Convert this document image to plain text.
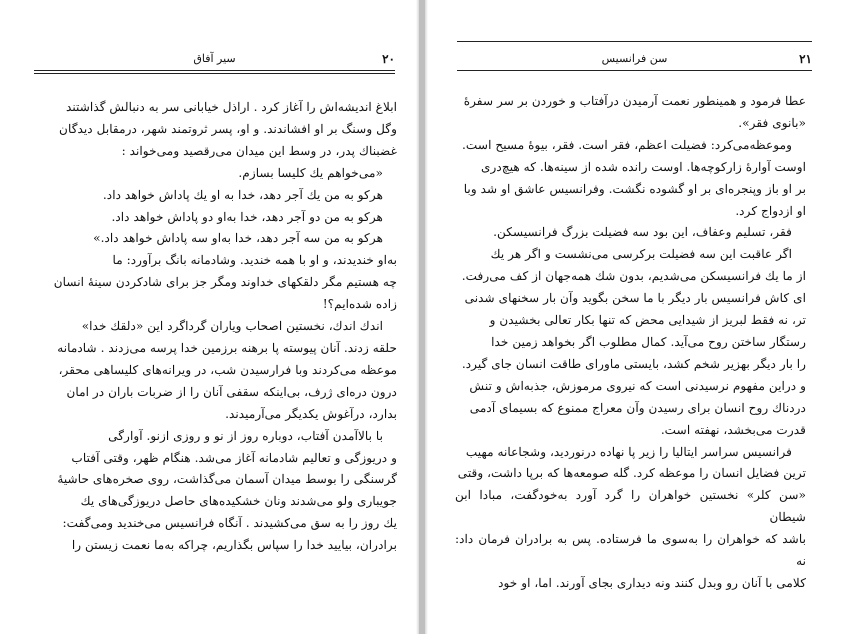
۲۰
سیر آفاق

ابلاغ اندیشه‌اش را آغاز کرد . اراذل خیابانی سر به دنبالش گذاشتند

وگل وسنگ بر او افشاندند. و او، پسر ثروتمند شهر، درمقابل دیدگان

غضبناك پدر، در وسط این میدان می‌رقصید ومی‌خواند :

«می‌خواهم یك کلیسا بسازم.

هرکو به من یك آجر دهد، خدا به او یك پاداش خواهد داد.

هرکو به من دو آجر دهد، خدا به‌او دو پاداش خواهد داد.

هرکو به من سه آجر دهد، خدا به‌او سه پاداش خواهد داد.»

به‌او خندیدند، و او با همه خندید. وشادمانه بانگ برآورد: ما

چه هستیم مگر دلقکهای خداوند ومگر جز برای شادکردن سینهٔ انسان

زاده شده‌ایم؟!

اندك اندك، نخستین اصحاب ویاران گرداگرد این «دلقك خدا»

حلقه زدند. آنان پیوسته پا برهنه برزمین خدا پرسه می‌زدند . شادمانه

موعظه می‌کردند وبا فرارسیدن شب، در ویرانه‌های کلیساهی محقر،

درون دره‌ای ژرف، بی‌اینکه سقفی آنان را از ضربات باران در امان

بدارد، درآغوش یکدیگر می‌آرمیدند.

با بالاآمدن آفتاب، دوباره روز از نو و روزی ازنو. آوارگی

و دریوزگی و تعالیم شادمانه آغاز می‌شد. هنگام ظهر، وقتی آفتاب

گرسنگی را بوسط میدان آسمان می‌گذاشت، روی صخره‌های حاشیهٔ

جویباری ولو می‌شدند ونان خشکیده‌های حاصل دریوزگی‌های یك

یك روز را به سق می‌کشیدند . آنگاه فرانسیس می‌خندید ومی‌گفت:

برادران، بیایید خدا را سپاس بگذاریم، چراکه به‌ما نعمت زیستن را

۲۱
سن فرانسیس

عطا فرمود و همینطور نعمت آرمیدن درآفتاب و خوردن بر سر سفرهٔ

«بانوی فقر».

وموعظه‌می‌کرد: فضیلت اعظم، فقر است. فقر، بیوهٔ مسیح است.

اوست آوارهٔ زارکوچه‌ها. اوست رانده شده از سینه‌ها. که هیچ‌دری

بر او باز وپنجره‌ای بر او گشوده نگشت. وفرانسیس عاشق او شد وبا

او ازدواج کرد.

فقر، تسلیم وعفاف، این بود سه فضیلت بزرگ فرانسیسکن.

اگر عاقبت این سه فضیلت برکرسی می‌نشست و اگر هر یك

از ما یك فرانسیسکن می‌شدیم، بدون شك همه‌جهان از کف می‌رفت.

ای کاش فرانسیس بار دیگر با ما سخن بگوید وآن بار سخنهای شدنی

تر، نه فقط لبریز از شیدایی محض که تنها بکار تعالی بخشیدن و

رستگار ساختن روح می‌آید. کمال مطلوب اگر بخواهد زمین خدا

را بار دیگر بهزیر شخم کشد، بایستی ماورای طاقت انسان جای گیرد.

و دراین مفهوم نرسیدنی است که نیروی مرموزش، جذبه‌اش و تنش

دردناك روح انسان برای رسیدن وآن معراج ممنوع که بسیمای آدمی

قدرت می‌بخشد، نهفته است.

فرانسیس سراسر ایتالیا را زیر پا نهاده درنوردید، وشجاعانه مهیب

ترین فضایل انسان را موعظه کرد. گله صومعه‌ها که برپا داشت، وقتی

«سن کلر» نخستین خواهران را گرد آورد به‌خودگفت، مبادا ابن شیطان

باشد که خواهران را به‌سوی ما فرستاده. پس به برادران فرمان داد: نه

کلامی با آنان رو وبدل کنند ونه دیداری بجای آورند. اما، او خود
